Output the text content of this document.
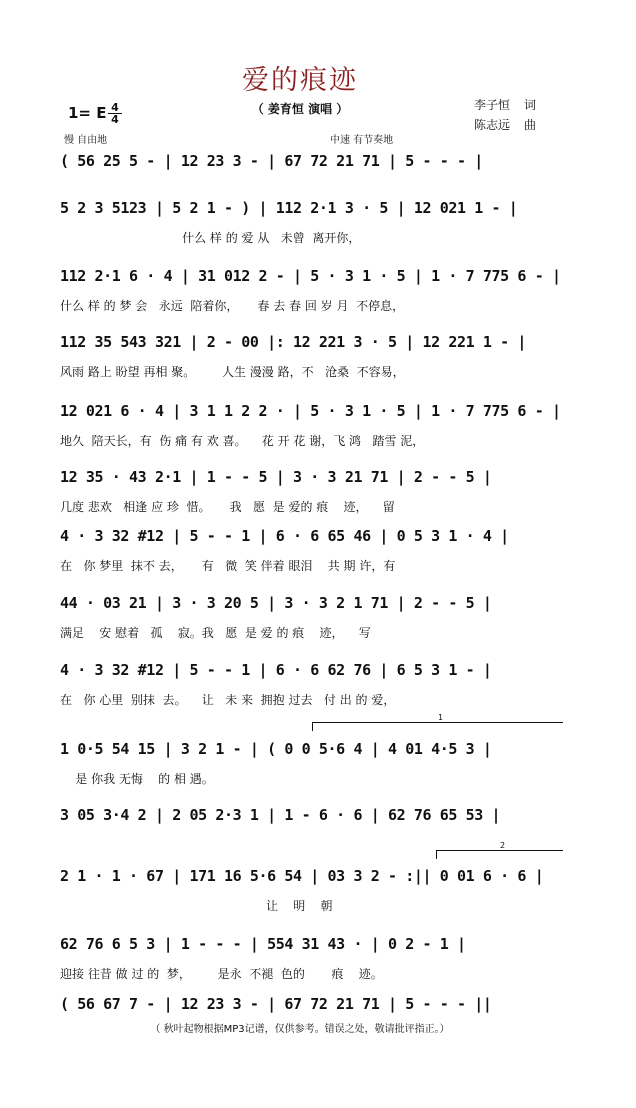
爱的痕迹
（ 姜育恒 演唱 ）
1= E 4
4
李子恒 词
陈志远 曲
慢 自由地	中速 有节奏地
( 56 25 5 - | 12 23 3 - | 67 72 21 71 | 5 - - - |
5 2 3 5123 | 5 2 1 - ) | 112 2·1 3 · 5 | 12 021 1 - |
什么 样 的 爱 从   未曾  离开你，
112 2·1 6 · 4 | 31 012 2 - | 5 · 3 1 · 5 | 1 · 7 775 6 - |
什么 样 的 梦 会   永远  陪着你，     春 去 春 回 岁 月  不停息，
112 35 543 321 | 2 - 00 |: 12 221 3 · 5 | 12 221 1 - |
风雨 路上 盼望 再相 聚。       人生 漫漫 路，不   沧桑  不容易，
12 021 6 · 4 | 3 1 1 2 2 · | 5 · 3 1 · 5 | 1 · 7 775 6 - |
地久  陪天长，有  伤 痛 有 欢 喜。    花 开 花 谢，飞 鸿   踏雪 泥，
12 35 · 43 2·1 | 1 - - 5 | 3 · 3 21 71 | 2 - - 5 |
几度 悲欢   相逢 应 珍  惜。     我   愿  是 爱的 痕    迹，    留
4 · 3 32 #12 | 5 - - 1 | 6 · 6 65 46 | 0 5 3 1 · 4 |
在   你 梦里  抹不 去，     有   微  笑 伴着 眼泪    共 期 许，有
44 · 03 21 | 3 · 3 20 5 | 3 · 3 2 1 71 | 2 - - 5 |
满足    安 慰着   孤    寂。我   愿  是 爱 的 痕    迹，    写
4 · 3 32 #12 | 5 - - 1 | 6 · 6 62 76 | 6 5 3 1 - |
在   你 心里  别抹  去。    让   未 来  拥抱 过去   付 出 的 爱，
1
1 0·5 54 15 | 3 2 1 - | ( 0 0 5·6 4 | 4 01 4·5 3 |
是 你我 无悔    的 相 遇。
3 05 3·4 2 | 2 05 2·3 1 | 1 - 6 · 6 | 62 76 65 53 |
2
2 1 · 1 · 67 | 171 16 5·6 54 | 03 3 2 - :|| 0 01 6 · 6 |
让    明    朝
62 76 6 5 3 | 1 - - - | 554 31 43 · | 0 2 - 1 |
迎接 往昔 做 过 的  梦，       是永  不褪  色的       痕    迹。
( 56 67 7 - | 12 23 3 - | 67 72 21 71 | 5 - - - ||
（ 秋叶起物根据MP3记谱，仅供参考。错误之处，敬请批评指正。）
